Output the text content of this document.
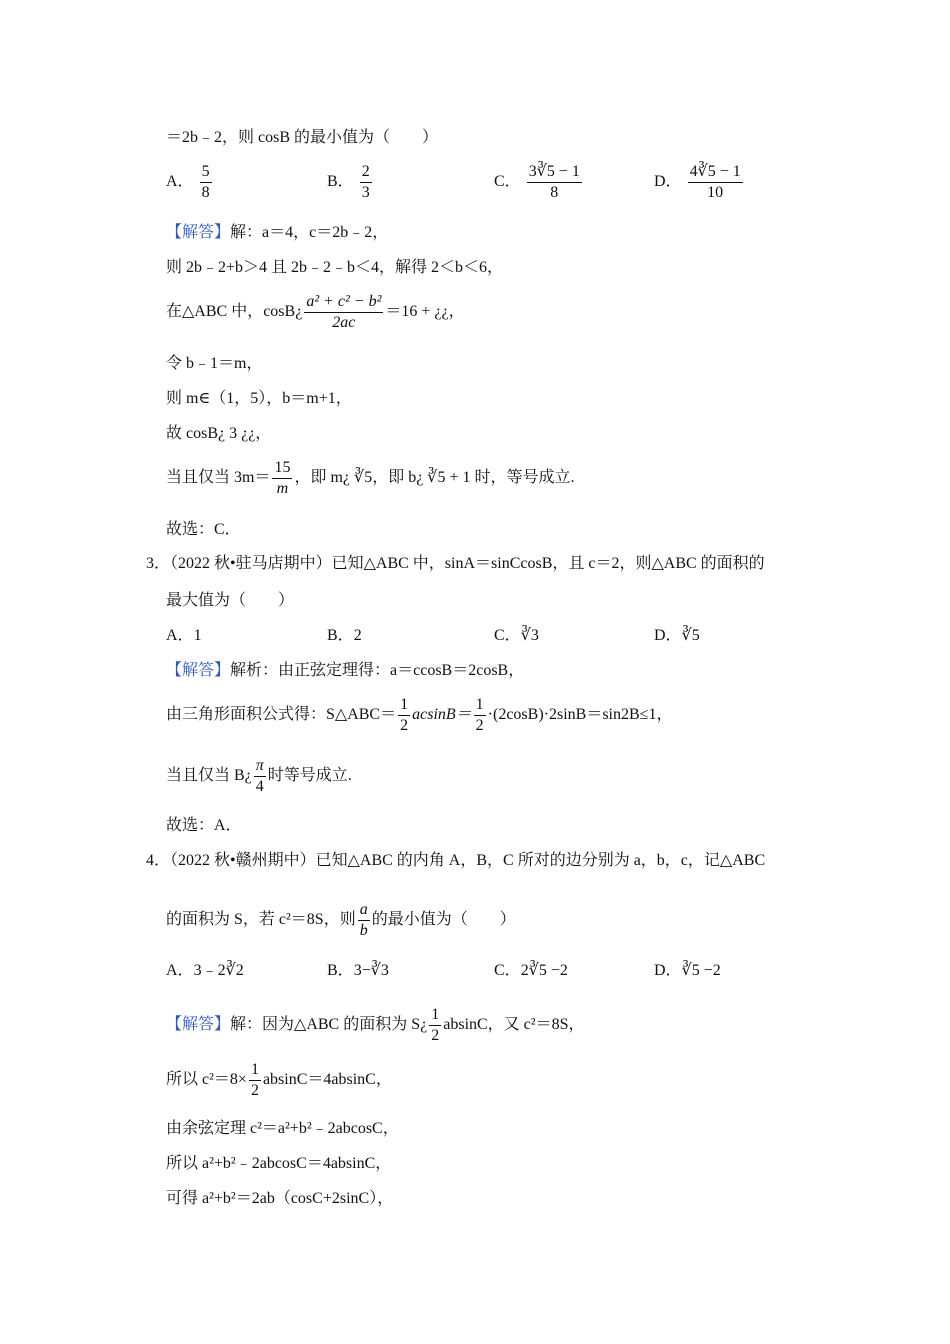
＝2b﹣2，则 cosB 的最小值为（　　）
A． $\frac{5}{8}$	B． $\frac{2}{3}$	C． $\frac{3∛5 - 1}{8}$	D． $\frac{4∛5 - 1}{10}$
【解答】解：a＝4，c＝2b﹣2，
则 2b﹣2+b＞4 且 2b﹣2﹣b＜4，解得 2＜b＜6，
在△ABC 中，cosB¿ $\frac{\text{a² + c² − b²}}{2ac} =16$ + ¿¿，
令 b﹣1＝m，
则 m∈（1，5），b＝m+1，
故 cosB¿ 3 ¿¿，
当且仅当 $3m= \frac{15}{m}$ ，即 m¿ ∛5，即 b¿ ∛5 + 1 时，等号成立.
故选：C．
3．（2022 秋•驻马店期中）已知△ABC 中，sinA＝sinCcosB，且 c＝2，则△ABC 的面积的
最大值为（　　）
A．1	B．2	C．∛3	D．∛5
【解答】解析：由正弦定理得：a＝ccosB＝2cosB，
由三角形面积公式得：S△ABC＝ $\frac{1}{2} acsinB= \frac{1}{2} \cdot(2\cos B)\cdot 2\sin B=\sin 2B\le 1$，
当且仅当 B¿ $\frac{\pi}{4}$ 时等号成立.
故选：A．
4．（2022 秋•赣州期中）已知△ABC 的内角 A，B，C 所对的边分别为 a，b，c，记△ABC
的面积为 S，若 c²＝8S，则 $\frac{a}{b}$ 的最小值为（　　）
A．3﹣2∛2	B．3−∛3	C．2∛5 −2	D．∛5 −2
【解答】解：因为△ABC 的面积为 S¿ $\frac{1}{2}$ absinC，又 c²＝8S，
所以 $c^2=8\times \frac{1}{2} absinC=4absinC$，
由余弦定理 c²＝a²+b²﹣2abcosC，
所以 a²+b²﹣2abcosC＝4absinC，
可得 a²+b²＝2ab（cosC+2sinC），
